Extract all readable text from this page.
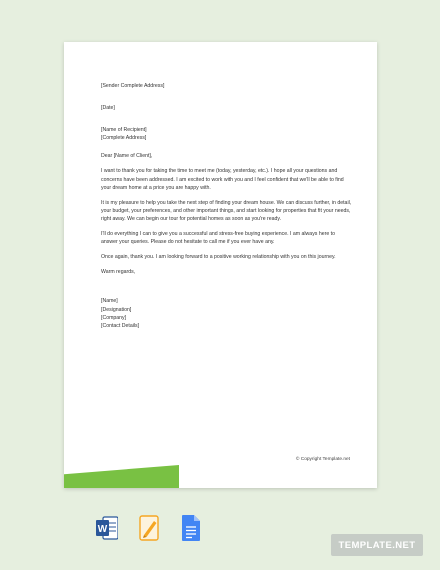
[Sender Complete Address]

[Date]

[Name of Recipient]

[Complete Address]

Dear [Name of Client],

I want to thank you for taking the time to meet me (today, yesterday, etc.). I hope all your questions and concerns have been addressed. I am excited to work with you and I feel confident that we'll be able to find your dream home at a price you are happy with.

It is my pleasure to help you take the next step of finding your dream house. We can discuss further, in detail, your budget, your preferences, and other important things, and start looking for properties that fit your needs, right away. We can begin our tour for potential homes as soon as you're ready.

I'll do everything I can to give you a successful and stress-free buying experience. I am always here to answer your queries. Please do not hesitate to call me if you ever have any.

Once again, thank you. I am looking forward to a positive working relationship with you on this journey.

Warm regards,

[Name]

[Designation]

[Company]

[Contact Details]

© Copyright Template.net
W
TEMPLATE.NET
